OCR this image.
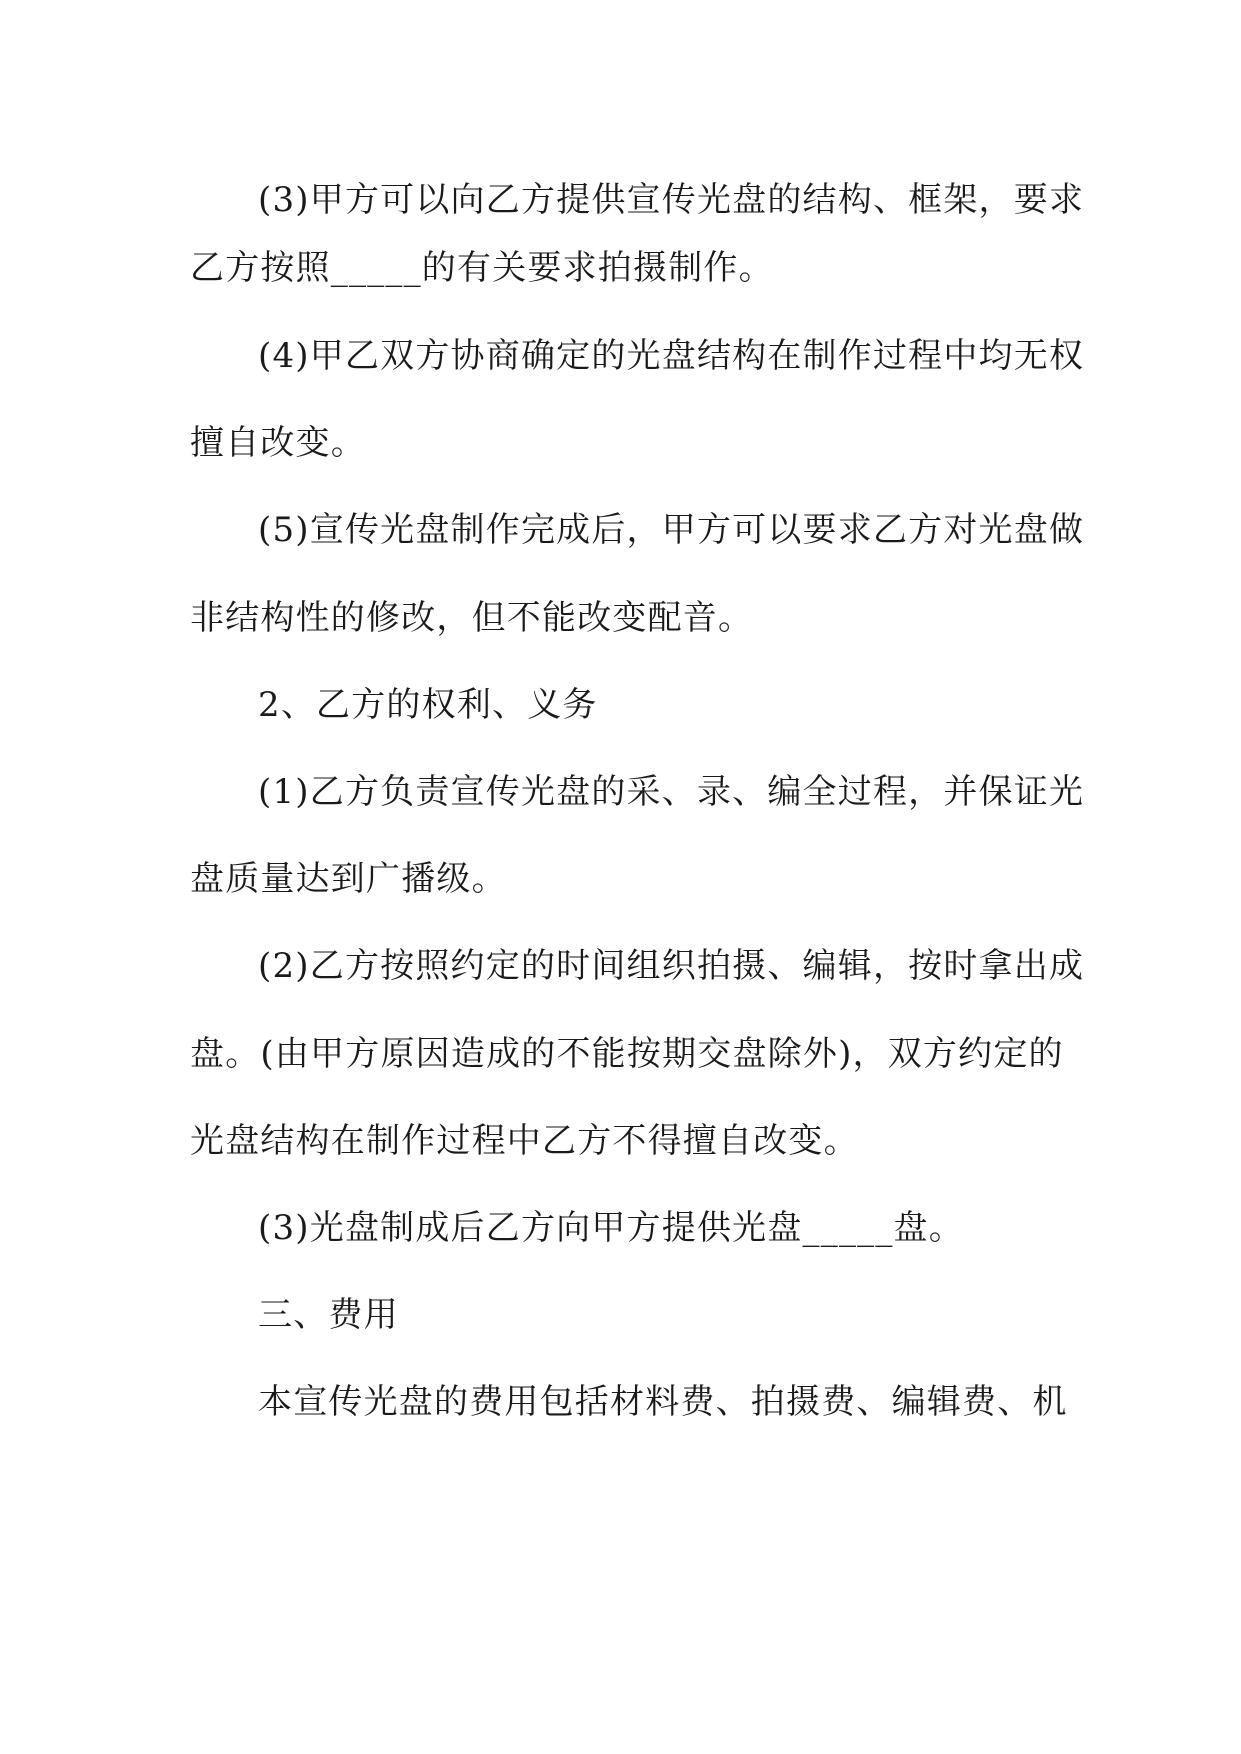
(3)甲方可以向乙方提供宣传光盘的结构、框架，要求
乙方按照_____的有关要求拍摄制作。
(4)甲乙双方协商确定的光盘结构在制作过程中均无权
擅自改变。
(5)宣传光盘制作完成后，甲方可以要求乙方对光盘做
非结构性的修改，但不能改变配音。
2、乙方的权利、义务
(1)乙方负责宣传光盘的采、录、编全过程，并保证光
盘质量达到广播级。
(2)乙方按照约定的时间组织拍摄、编辑，按时拿出成
盘。(由甲方原因造成的不能按期交盘除外)，双方约定的
光盘结构在制作过程中乙方不得擅自改变。
(3)光盘制成后乙方向甲方提供光盘_____盘。
三、费用
本宣传光盘的费用包括材料费、拍摄费、编辑费、机
